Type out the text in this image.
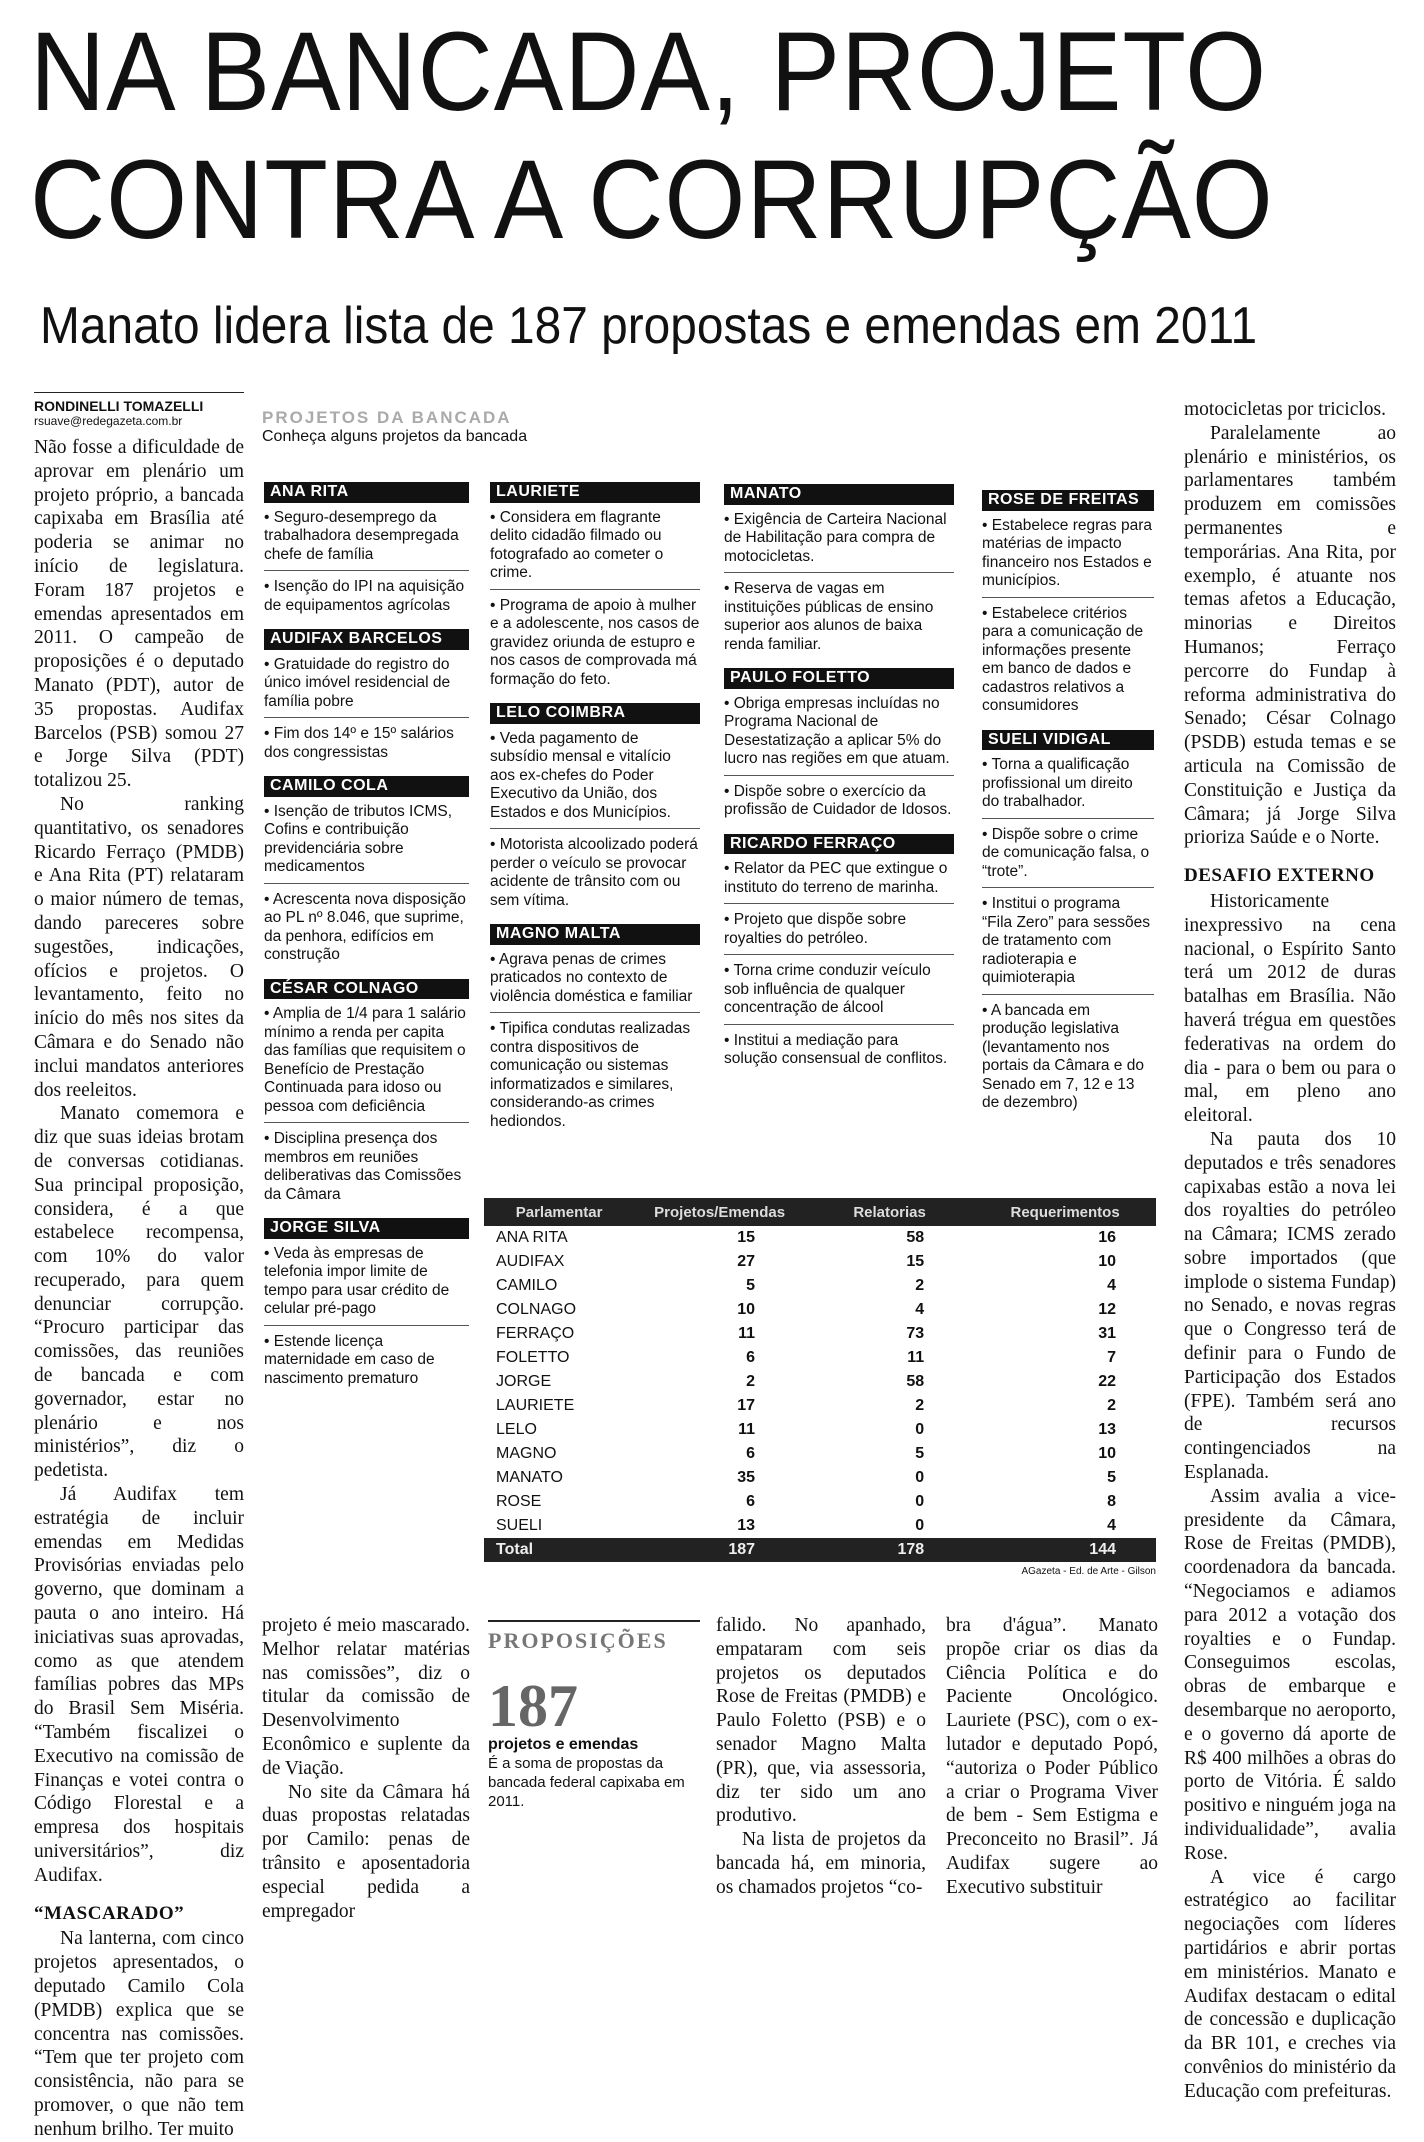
NA BANCADA, PROJETO
CONTRA A CORRUPÇÃO
Manato lidera lista de 187 propostas e emendas em 2011
RONDINELLI TOMAZELLI
rsuave@redegazeta.com.br

Não fosse a dificuldade de aprovar em plenário um projeto próprio, a bancada capixaba em Brasília até poderia se animar no início de legislatura. Foram 187 projetos e emendas apresentados em 2011. O campeão de proposições é o deputado Manato (PDT), autor de 35 propostas. Audifax Barcelos (PSB) somou 27 e Jorge Silva (PDT) totalizou 25.

No ranking quantitativo, os senadores Ricardo Ferraço (PMDB) e Ana Rita (PT) relataram o maior número de temas, dando pareceres sobre sugestões, indicações, ofícios e projetos. O levantamento, feito no início do mês nos sites da Câmara e do Senado não inclui mandatos anteriores dos reeleitos.

Manato comemora e diz que suas ideias brotam de conversas cotidianas. Sua principal proposição, considera, é a que estabelece recompensa, com 10% do valor recuperado, para quem denunciar corrupção. “Procuro participar das comissões, das reuniões de bancada e com governador, estar no plenário e nos ministérios”, diz o pedetista.

Já Audifax tem estratégia de incluir emendas em Medidas Provisórias enviadas pelo governo, que dominam a pauta o ano inteiro. Há iniciativas suas aprovadas, como as que atendem famílias pobres das MPs do Brasil Sem Miséria. “Também fiscalizei o Executivo na comissão de Finanças e votei contra o Código Florestal e a empresa dos hospitais universitários”, diz Audifax.

“MASCARADO”

Na lanterna, com cinco projetos apresentados, o deputado Camilo Cola (PMDB) explica que se concentra nas comissões. “Tem que ter projeto com consistência, não para se promover, o que não tem nenhum brilho. Ter muito

PROJETOS DA BANCADA
Conheça alguns projetos da bancada
ANA RITA
• Seguro-desemprego da trabalhadora desempregada chefe de família
• Isenção do IPI na aquisição de equipamentos agrícolas
AUDIFAX BARCELOS
• Gratuidade do registro do único imóvel residencial de família pobre
• Fim dos 14º e 15º salários dos congressistas
CAMILO COLA
• Isenção de tributos ICMS, Cofins e contribuição previdenciária sobre medicamentos
• Acrescenta nova disposição ao PL nº 8.046, que suprime, da penhora, edifícios em construção
CÉSAR COLNAGO
• Amplia de 1/4 para 1 salário mínimo a renda per capita das famílias que requisitem o Benefício de Prestação Continuada para idoso ou pessoa com deficiência
• Disciplina presença dos membros em reuniões deliberativas das Comissões da Câmara
JORGE SILVA
• Veda às empresas de telefonia impor limite de tempo para usar crédito de celular pré-pago
• Estende licença maternidade em caso de nascimento prematuro
LAURIETE
• Considera em flagrante delito cidadão filmado ou fotografado ao cometer o crime.
• Programa de apoio à mulher e a adolescente, nos casos de gravidez oriunda de estupro e nos casos de comprovada má formação do feto.
LELO COIMBRA
• Veda pagamento de subsídio mensal e vitalício aos ex-chefes do Poder Executivo da União, dos Estados e dos Municípios.
• Motorista alcoolizado poderá perder o veículo se provocar acidente de trânsito com ou sem vítima.
MAGNO MALTA
• Agrava penas de crimes praticados no contexto de violência doméstica e familiar
• Tipifica condutas realizadas contra dispositivos de comunicação ou sistemas informatizados e similares, considerando-as crimes hediondos.
MANATO
• Exigência de Carteira Nacional de Habilitação para compra de motocicletas.
• Reserva de vagas em instituições públicas de ensino superior aos alunos de baixa renda familiar.
PAULO FOLETTO
• Obriga empresas incluídas no Programa Nacional de Desestatização a aplicar 5% do lucro nas regiões em que atuam.
• Dispõe sobre o exercício da profissão de Cuidador de Idosos.
RICARDO FERRAÇO
• Relator da PEC que extingue o instituto do terreno de marinha.
• Projeto que dispõe sobre royalties do petróleo.
• Torna crime conduzir veículo sob influência de qualquer concentração de álcool
• Institui a mediação para solução consensual de conflitos.
ROSE DE FREITAS
• Estabelece regras para matérias de impacto financeiro nos Estados e municípios.
• Estabelece critérios para a comunicação de informações presente em banco de dados e cadastros relativos a consumidores
SUELI VIDIGAL
• Torna a qualificação profissional um direito do trabalhador.
• Dispõe sobre o crime de comunicação falsa, o “trote”.
• Institui o programa “Fila Zero” para sessões de tratamento com radioterapia e quimioterapia
• A bancada em produção legislativa (levantamento nos portais da Câmara e do Senado em 7, 12 e 13 de dezembro)
Parlamentar	Projetos/Emendas	Relatorias	Requerimentos
ANA RITA	15	58	16
AUDIFAX	27	15	10
CAMILO	5	2	4
COLNAGO	10	4	12
FERRAÇO	11	73	31
FOLETTO	6	11	7
JORGE	2	58	22
LAURIETE	17	2	2
LELO	11	0	13
MAGNO	6	5	10
MANATO	35	0	5
ROSE	6	0	8
SUELI	13	0	4
Total	187	178	144
AGazeta - Ed. de Arte - Gilson

motocicletas por triciclos.

Paralelamente ao plenário e ministérios, os parlamentares também produzem em comissões permanentes e temporárias. Ana Rita, por exemplo, é atuante nos temas afetos a Educação, minorias e Direitos Humanos; Ferraço percorre do Fundap à reforma administrativa do Senado; César Colnago (PSDB) estuda temas e se articula na Comissão de Constituição e Justiça da Câmara; já Jorge Silva prioriza Saúde e o Norte.

DESAFIO EXTERNO

Historicamente inexpressivo na cena nacional, o Espírito Santo terá um 2012 de duras batalhas em Brasília. Não haverá trégua em questões federativas na ordem do dia - para o bem ou para o mal, em pleno ano eleitoral.

Na pauta dos 10 deputados e três senadores capixabas estão a nova lei dos royalties do petróleo na Câmara; ICMS zerado sobre importados (que implode o sistema Fundap) no Senado, e novas regras que o Congresso terá de definir para o Fundo de Participação dos Estados (FPE). Também será ano de recursos contingenciados na Esplanada.

Assim avalia a vice-presidente da Câmara, Rose de Freitas (PMDB), coordenadora da bancada. “Negociamos e adiamos para 2012 a votação dos royalties e o Fundap. Conseguimos escolas, obras de embarque e desembarque no aeroporto, e o governo dá aporte de R$ 400 milhões a obras do porto de Vitória. É saldo positivo e ninguém joga na individualidade”, avalia Rose.

A vice é cargo estratégico ao facilitar negociações com líderes partidários e abrir portas em ministérios. Manato e Audifax destacam o edital de concessão e duplicação da BR 101, e creches via convênios do ministério da Educação com prefeituras.

projeto é meio mascarado. Melhor relatar matérias nas comissões”, diz o titular da comissão de Desenvolvimento Econômico e suplente da de Viação.

No site da Câmara há duas propostas relatadas por Camilo: penas de trânsito e aposentadoria especial pedida a empregador

PROPOSIÇÕES
187
projetos e emendas
É a soma de propostas da bancada federal capixaba em 2011.

falido. No apanhado, empataram com seis projetos os deputados Rose de Freitas (PMDB) e Paulo Foletto (PSB) e o senador Magno Malta (PR), que, via assessoria, diz ter sido um ano produtivo.

Na lista de projetos da bancada há, em minoria, os chamados projetos “co-

bra d'água”. Manato propõe criar os dias da Ciência Política e do Paciente Oncológico. Lauriete (PSC), com o ex-lutador e deputado Popó, “autoriza o Poder Público a criar o Programa Viver de bem - Sem Estigma e Preconceito no Brasil”. Já Audifax sugere ao Executivo substituir
